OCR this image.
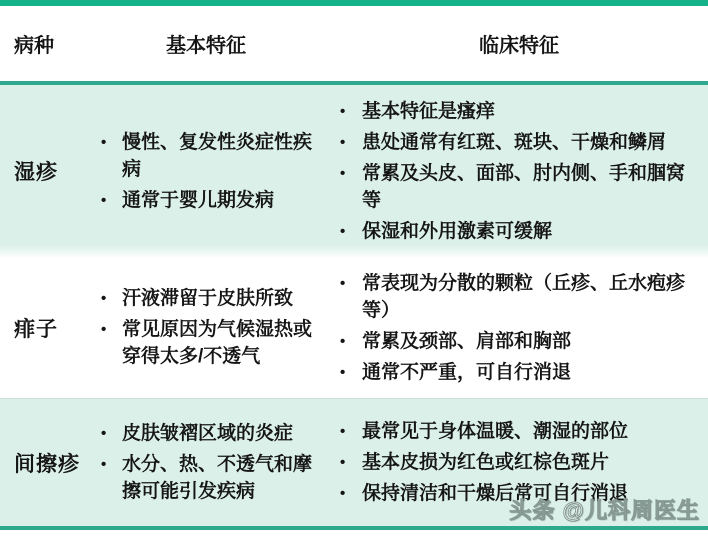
病种	基本特征	临床特征
湿疹
• 慢性、复发性炎症性疾病
• 通常于婴儿期发病
• 基本特征是瘙痒
• 患处通常有红斑、斑块、干燥和鳞屑
• 常累及头皮、面部、肘内侧、手和腘窝等
• 保湿和外用激素可缓解
痱子
• 汗液滞留于皮肤所致
• 常见原因为气候湿热或穿得太多/不透气
• 常表现为分散的颗粒（丘疹、丘水疱疹等）
• 常累及颈部、肩部和胸部
• 通常不严重，可自行消退
间擦疹
• 皮肤皱褶区域的炎症
• 水分、热、不透气和摩擦可能引发疾病
• 最常见于身体温暖、潮湿的部位
• 基本皮损为红色或红棕色斑片
• 保持清洁和干燥后常可自行消退
头条 @儿科周医生
